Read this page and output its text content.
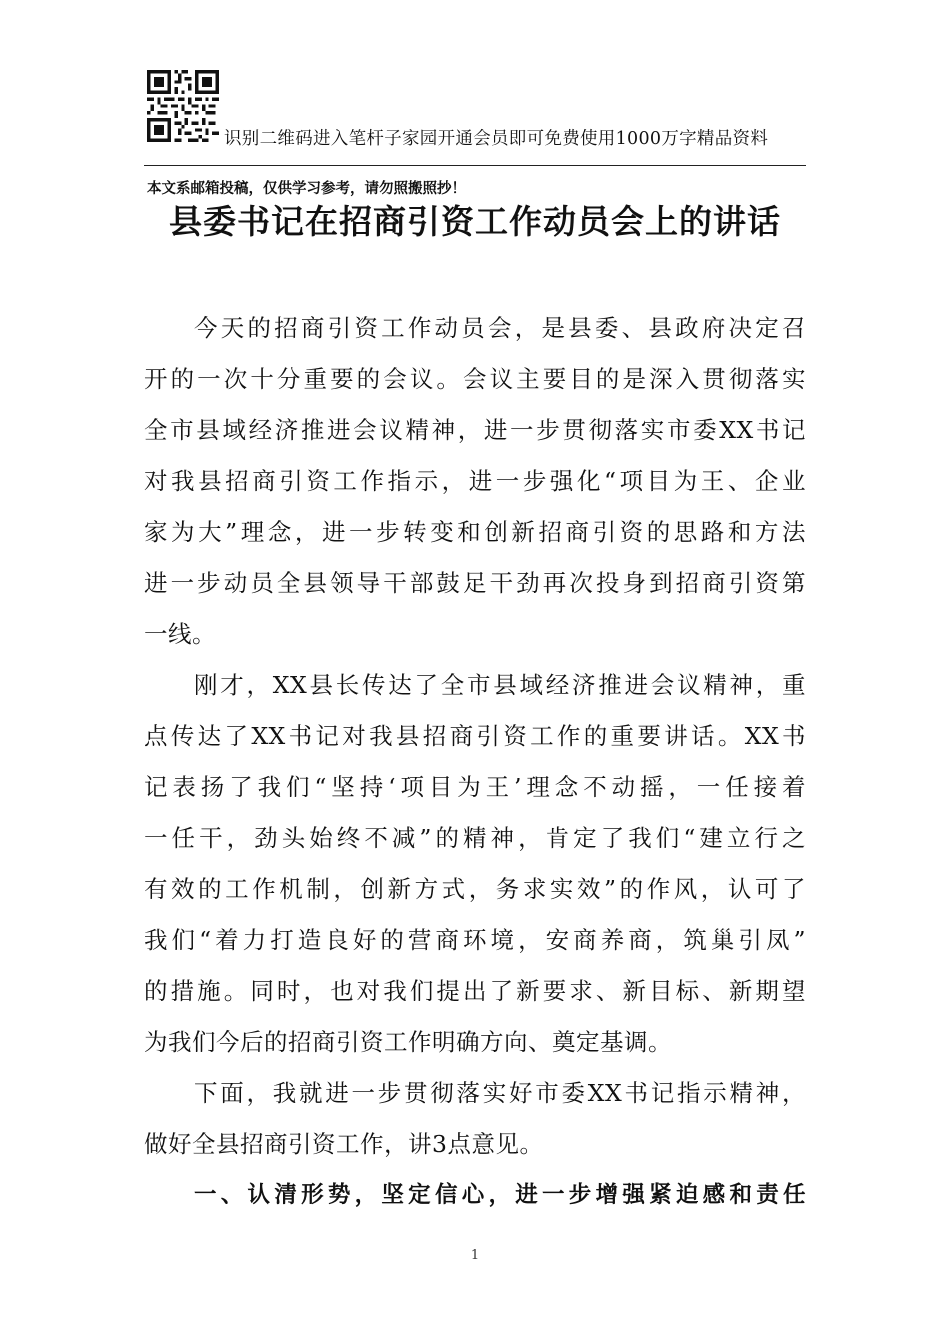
识别二维码进入笔杆子家园开通会员即可免费使用1000万字精品资料
本文系邮箱投稿，仅供学习参考，请勿照搬照抄！
县委书记在招商引资工作动员会上的讲话
今天的招商引资工作动员会，是县委、县政府决定召
开的一次十分重要的会议。会议主要目的是深入贯彻落实
全市县域经济推进会议精神，进一步贯彻落实市委XX书记
对我县招商引资工作指示，进一步强化“项目为王、企业
家为大”理念，进一步转变和创新招商引资的思路和方法
进一步动员全县领导干部鼓足干劲再次投身到招商引资第
一线。
刚才，XX县长传达了全市县域经济推进会议精神，重
点传达了XX书记对我县招商引资工作的重要讲话。XX书
记表扬了我们“坚持‘项目为王’理念不动摇，一任接着
一任干，劲头始终不减”的精神，肯定了我们“建立行之
有效的工作机制，创新方式，务求实效”的作风，认可了
我们“着力打造良好的营商环境，安商养商，筑巢引凤”
的措施。同时，也对我们提出了新要求、新目标、新期望
为我们今后的招商引资工作明确方向、奠定基调。
下面，我就进一步贯彻落实好市委XX书记指示精神，
做好全县招商引资工作，讲3点意见。
一、认清形势，坚定信心，进一步增强紧迫感和责任
1
